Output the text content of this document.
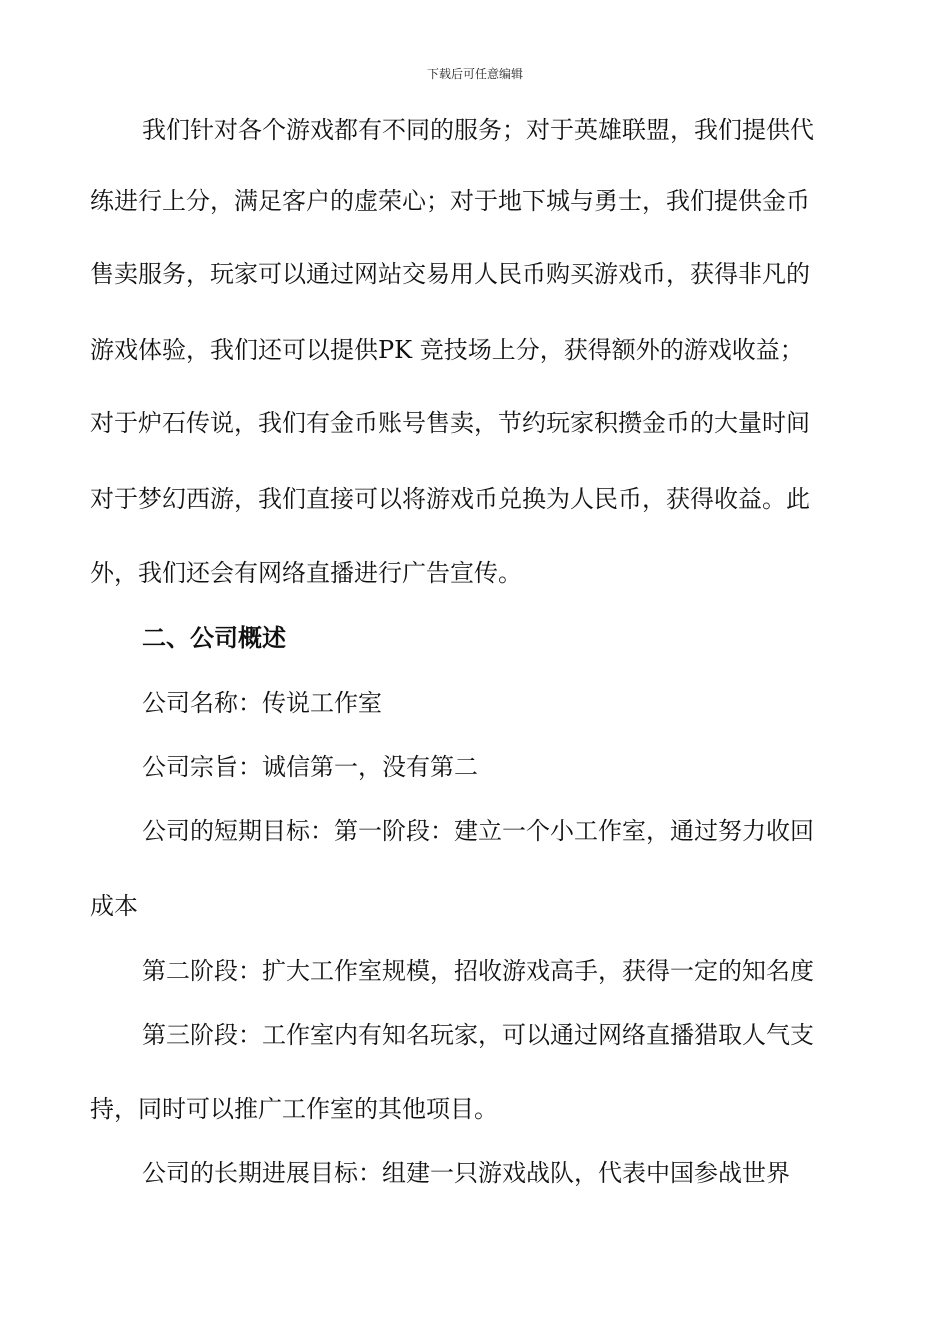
下载后可任意编辑
我们针对各个游戏都有不同的服务；对于英雄联盟，我们提供代
练进行上分，满足客户的虚荣心；对于地下城与勇士，我们提供金币
售卖服务，玩家可以通过网站交易用人民币购买游戏币，获得非凡的
游戏体验，我们还可以提供PK 竞技场上分，获得额外的游戏收益；
对于炉石传说，我们有金币账号售卖，节约玩家积攒金币的大量时间
对于梦幻西游，我们直接可以将游戏币兑换为人民币，获得收益。此
外，我们还会有网络直播进行广告宣传。
二、公司概述
公司名称：传说工作室
公司宗旨：诚信第一，没有第二
公司的短期目标：第一阶段：建立一个小工作室，通过努力收回
成本
第二阶段：扩大工作室规模，招收游戏高手，获得一定的知名度
第三阶段：工作室内有知名玩家，可以通过网络直播猎取人气支
持，同时可以推广工作室的其他项目。
公司的长期进展目标：组建一只游戏战队，代表中国参战世界
